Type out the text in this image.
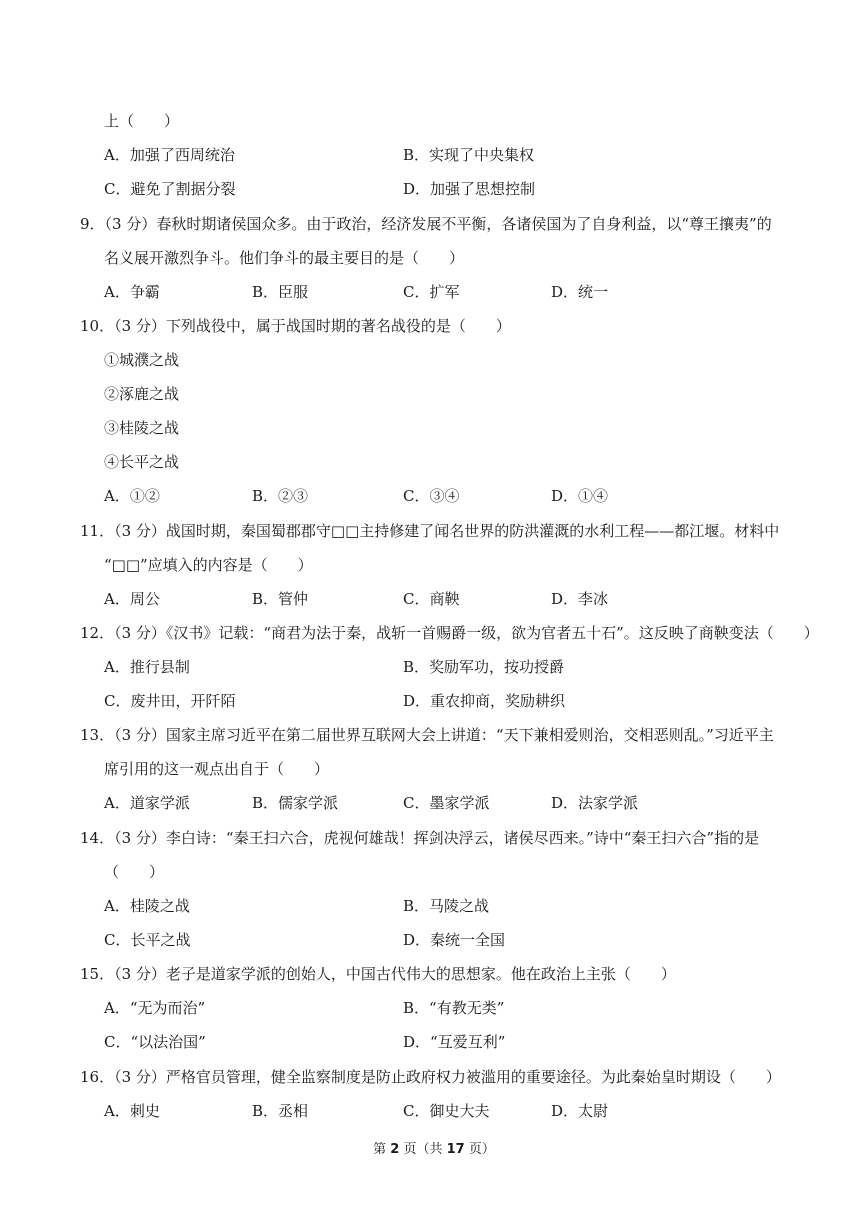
上（　　）
A．加强了西周统治	B．实现了中央集权
C．避免了割据分裂	D．加强了思想控制
9．（3 分）春秋时期诸侯国众多。由于政治，经济发展不平衡，各诸侯国为了自身利益，以“尊王攘夷”的
名义展开激烈争斗。他们争斗的最主要目的是（　　）
A．争霸	B．臣服	C．扩军	D．统一
10．（3 分）下列战役中，属于战国时期的著名战役的是（　　）
①城濮之战
②涿鹿之战
③桂陵之战
④长平之战
A．①②	B．②③	C．③④	D．①④
11．（3 分）战国时期，秦国蜀郡郡守□□主持修建了闻名世界的防洪灌溉的水利工程——都江堰。材料中
“□□”应填入的内容是（　　）
A．周公	B．管仲	C．商鞅	D．李冰
12．（3 分）《汉书》记载：“商君为法于秦，战斩一首赐爵一级，欲为官者五十石”。这反映了商鞅变法（　　）
A．推行县制	B．奖励军功，按功授爵
C．废井田，开阡陌	D．重农抑商，奖励耕织
13．（3 分）国家主席习近平在第二届世界互联网大会上讲道：“天下兼相爱则治，交相恶则乱。”习近平主
席引用的这一观点出自于（　　）
A．道家学派	B．儒家学派	C．墨家学派	D．法家学派
14．（3 分）李白诗：“秦王扫六合，虎视何雄哉！挥剑决浮云，诸侯尽西来。”诗中“秦王扫六合”指的是
（　　）
A．桂陵之战	B．马陵之战
C．长平之战	D．秦统一全国
15．（3 分）老子是道家学派的创始人，中国古代伟大的思想家。他在政治上主张（　　）
A．“无为而治”	B．“有教无类”
C．“以法治国”	D．“互爱互利”
16．（3 分）严格官员管理，健全监察制度是防止政府权力被滥用的重要途径。为此秦始皇时期设（　　）
A．刺史	B．丞相	C．御史大夫	D．太尉
第 2 页（共 17 页）
